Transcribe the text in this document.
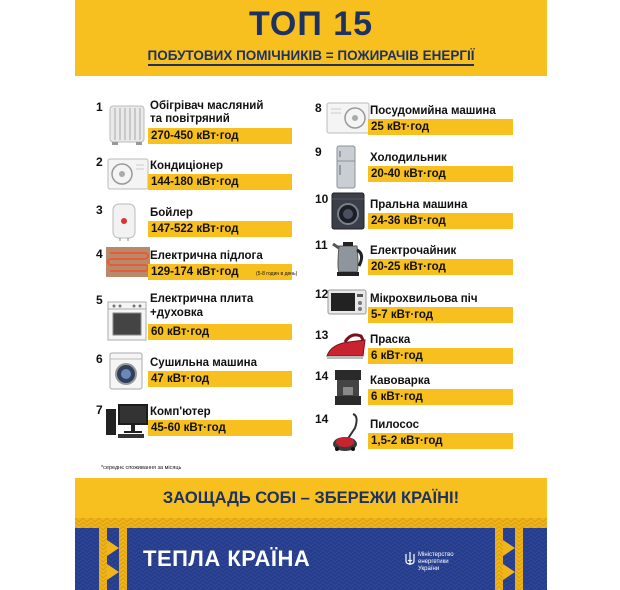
ТОП 15
ПОБУТОВИХ ПОМІЧНИКІВ = ПОЖИРАЧІВ ЕНЕРГІЇ
1	Обігрівач масляний
та повітряний
270-450 кВт·год
2	Кондиціонер
144-180 кВт·год
3	Бойлер
147-522 кВт·год
4	Електрична підлога
129-174 кВт·год	(5-8 годин в день)
5	Електрична плита
+духовка
60 кВт·год
6	Сушильна машина
47 кВт·год
7	Комп'ютер
45-60 кВт·год
8	Посудомийна машина
25 кВт·год
9	Холодильник
20-40 кВт·год
10	Пральна машина
24-36 кВт·год
11	Електрочайник
20-25 кВт·год
12	Мікрохвильова піч
5-7 кВт·год
13	Праска
6 кВт·год
14	Кавоварка
6 кВт·год
14	Пилосос
1,5-2 кВт·год
*середнє споживання за місяць
ЗАОЩАДЬ СОБІ – ЗБЕРЕЖИ КРАЇНІ!
ТЕПЛА КРАЇНА	Міністерство
енергетики
України
